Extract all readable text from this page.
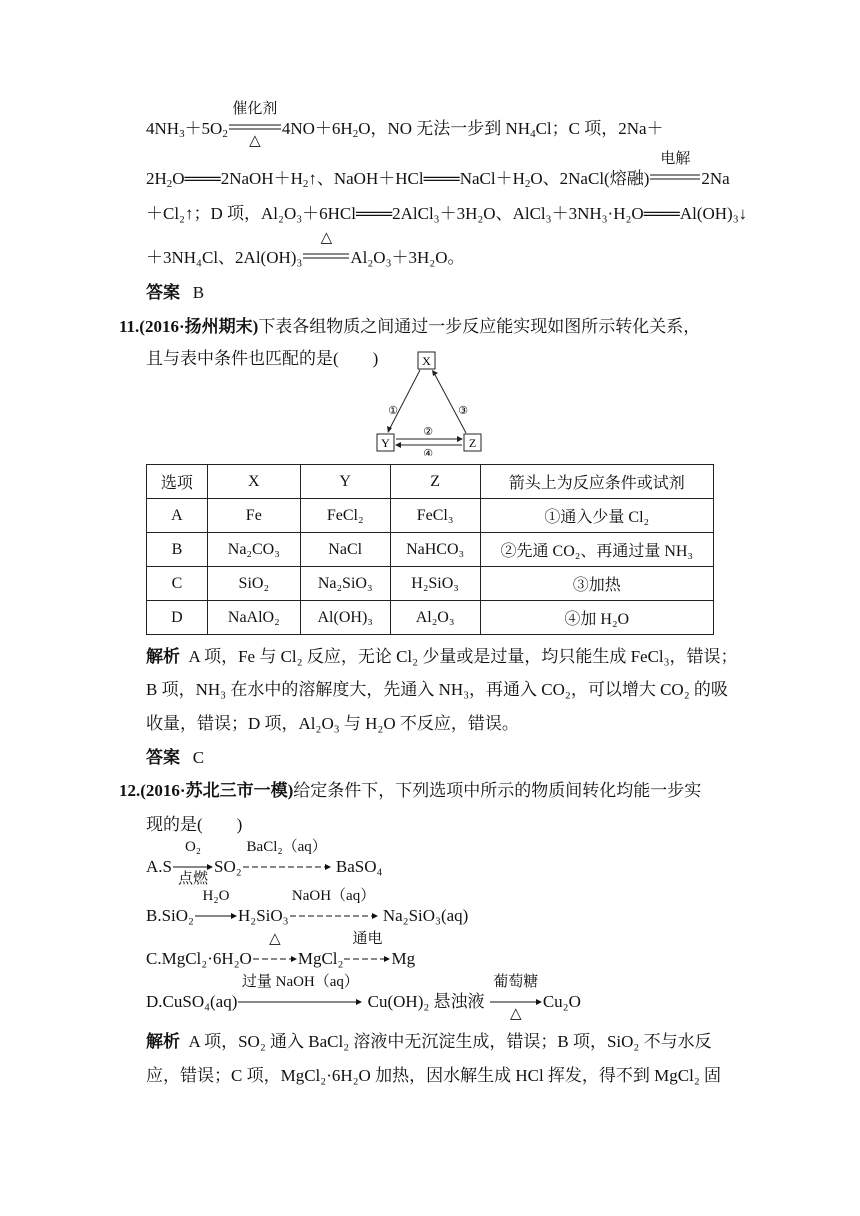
$4NH_3+5O_2$
催化剂
△
$4NO+6H_2O$，NO 无法一步到 $NH_4Cl$；C 项，2Na＋
$2H_2O═══2NaOH+H_2↑$、$NaOH+HCl═══NaCl+H_2O$、2NaCl(熔融)
电解
2Na
＋Cl₂↑；D 项，Al₂O₃＋6HCl═══2AlCl₃＋3H₂O、AlCl₃＋3NH₃·H₂O═══Al(OH)₃↓
＋3NH₄Cl、2Al(OH)₃
△
Al₂O₃＋3H₂O。
答案 B
11.(2016·扬州期末)下表各组物质之间通过一步反应能实现如图所示转化关系，
且与表中条件也匹配的是(　　)	X
Y	Z
①	③
②
④
选项	X	Y	Z	箭头上为反应条件或试剂
A	Fe	FeCl₂	FeCl₃	①通入少量 Cl₂
B	Na₂CO₃	NaCl	NaHCO₃	②先通 CO₂、再通过量 NH₃
C	SiO₂	Na₂SiO₃	H₂SiO₃	③加热
D	NaAlO₂	Al(OH)₃	Al₂O₃	④加 H₂O
解析 A 项，Fe 与 Cl₂ 反应，无论 Cl₂ 少量或是过量，均只能生成 FeCl₃，错误；
B 项，NH₃ 在水中的溶解度大，先通入 NH₃，再通入 CO₂，可以增大 CO₂ 的吸
收量，错误；D 项，Al₂O₃ 与 H₂O 不反应，错误。
答案 C
12.(2016·苏北三市一模)给定条件下，下列选项中所示的物质间转化均能一步实
现的是(　　)
A.S
O₂
点燃
SO₂
BaCl₂（aq）
BaSO₄
B.SiO₂
H₂O
H₂SiO₃
NaOH（aq）
Na₂SiO₃(aq)
C.MgCl₂·6H₂O
△
MgCl₂
通电
Mg
D.CuSO₄(aq)
过量 NaOH（aq）
Cu(OH)₂ 悬浊液
葡萄糖
△
Cu₂O
解析 A 项，SO₂ 通入 BaCl₂ 溶液中无沉淀生成，错误；B 项，SiO₂ 不与水反
应，错误；C 项，MgCl₂·6H₂O 加热，因水解生成 HCl 挥发，得不到 MgCl₂ 固
